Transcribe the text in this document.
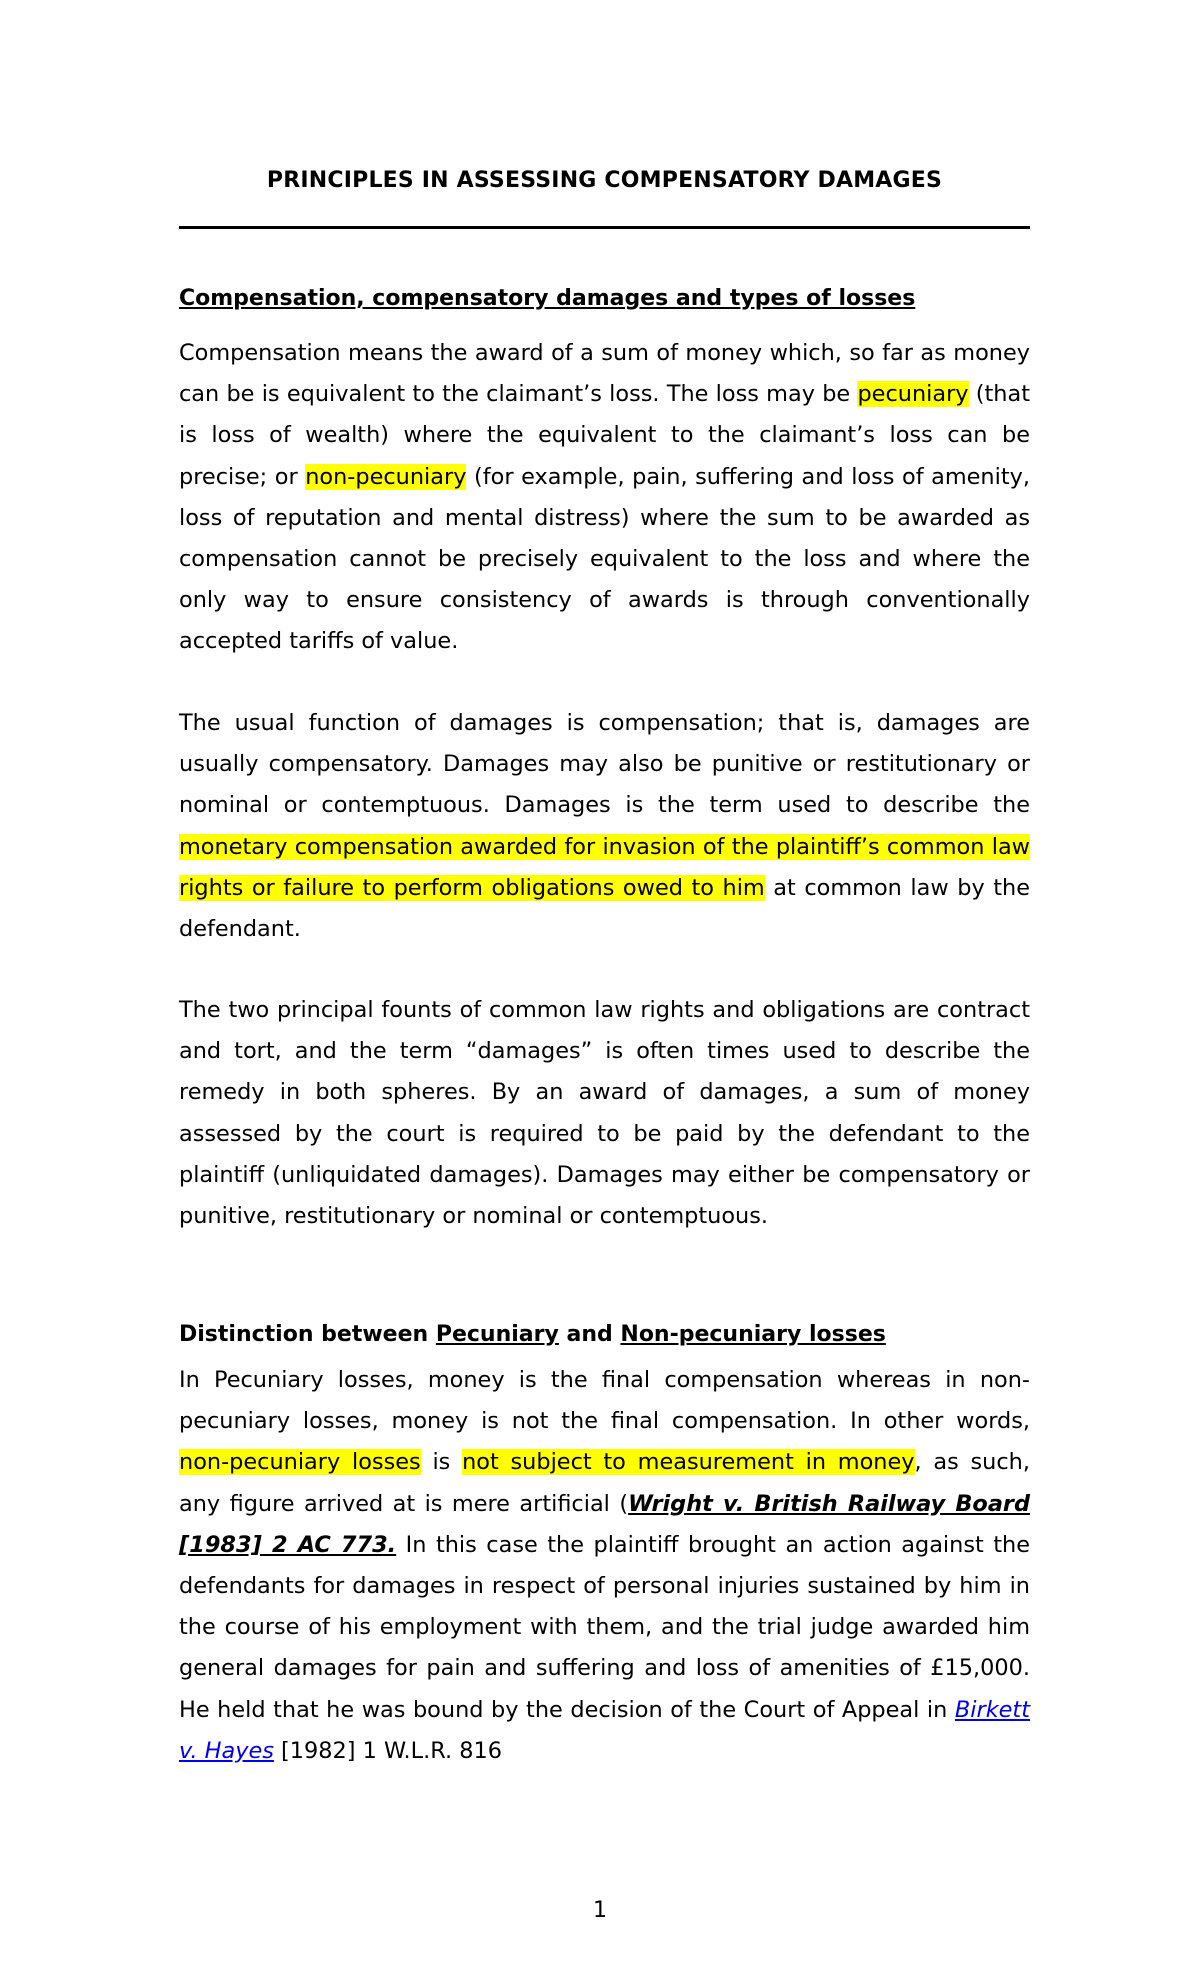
PRINCIPLES IN ASSESSING COMPENSATORY DAMAGES
Compensation, compensatory damages and types of losses
Compensation means the award of a sum of money which, so far as money can be is equivalent to the claimant’s loss. The loss may be pecuniary (that is loss of wealth) where the equivalent to the claimant’s loss can be precise; or non-pecuniary (for example, pain, suffering and loss of amenity, loss of reputation and mental distress) where the sum to be awarded as compensation cannot be precisely equivalent to the loss and where the only way to ensure consistency of awards is through conventionally accepted tariffs of value.
The usual function of damages is compensation; that is, damages are usually compensatory. Damages may also be punitive or restitutionary or nominal or contemptuous. Damages is the term used to describe the monetary compensation awarded for invasion of the plaintiff’s common law rights or failure to perform obligations owed to him at common law by the defendant.
The two principal founts of common law rights and obligations are contract and tort, and the term “damages” is often times used to describe the remedy in both spheres. By an award of damages, a sum of money assessed by the court is required to be paid by the defendant to the plaintiff (unliquidated damages). Damages may either be compensatory or punitive, restitutionary or nominal or contemptuous.
Distinction between Pecuniary and Non-pecuniary losses
In Pecuniary losses, money is the final compensation whereas in non-pecuniary losses, money is not the final compensation. In other words, non-pecuniary losses is not subject to measurement in money, as such, any figure arrived at is mere artificial (Wright v. British Railway Board [1983] 2 AC 773. In this case the plaintiff brought an action against the defendants for damages in respect of personal injuries sustained by him in the course of his employment with them, and the trial judge awarded him general damages for pain and suffering and loss of amenities of £15,000. He held that he was bound by the decision of the Court of Appeal in Birkett v. Hayes [1982] 1 W.L.R. 816
1
